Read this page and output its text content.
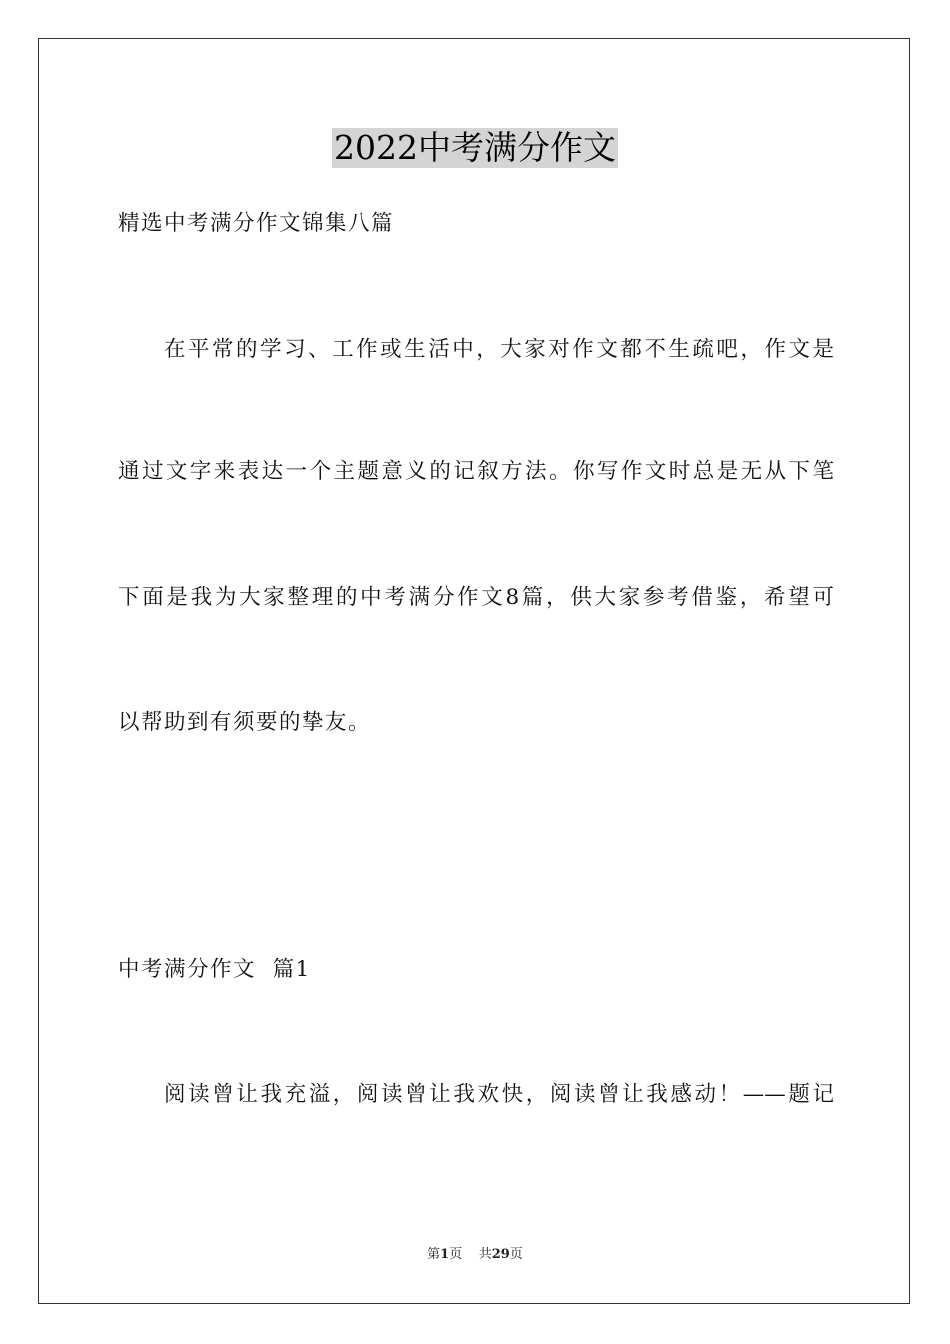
2022中考满分作文
精选中考满分作文锦集八篇
在平常的学习、工作或生活中，大家对作文都不生疏吧，作文是
通过文字来表达一个主题意义的记叙方法。你写作文时总是无从下笔
下面是我为大家整理的中考满分作文8篇，供大家参考借鉴，希望可
以帮助到有须要的挚友。
中考满分作文  篇1
阅读曾让我充溢，阅读曾让我欢快，阅读曾让我感动！——题记
第1页 共29页
